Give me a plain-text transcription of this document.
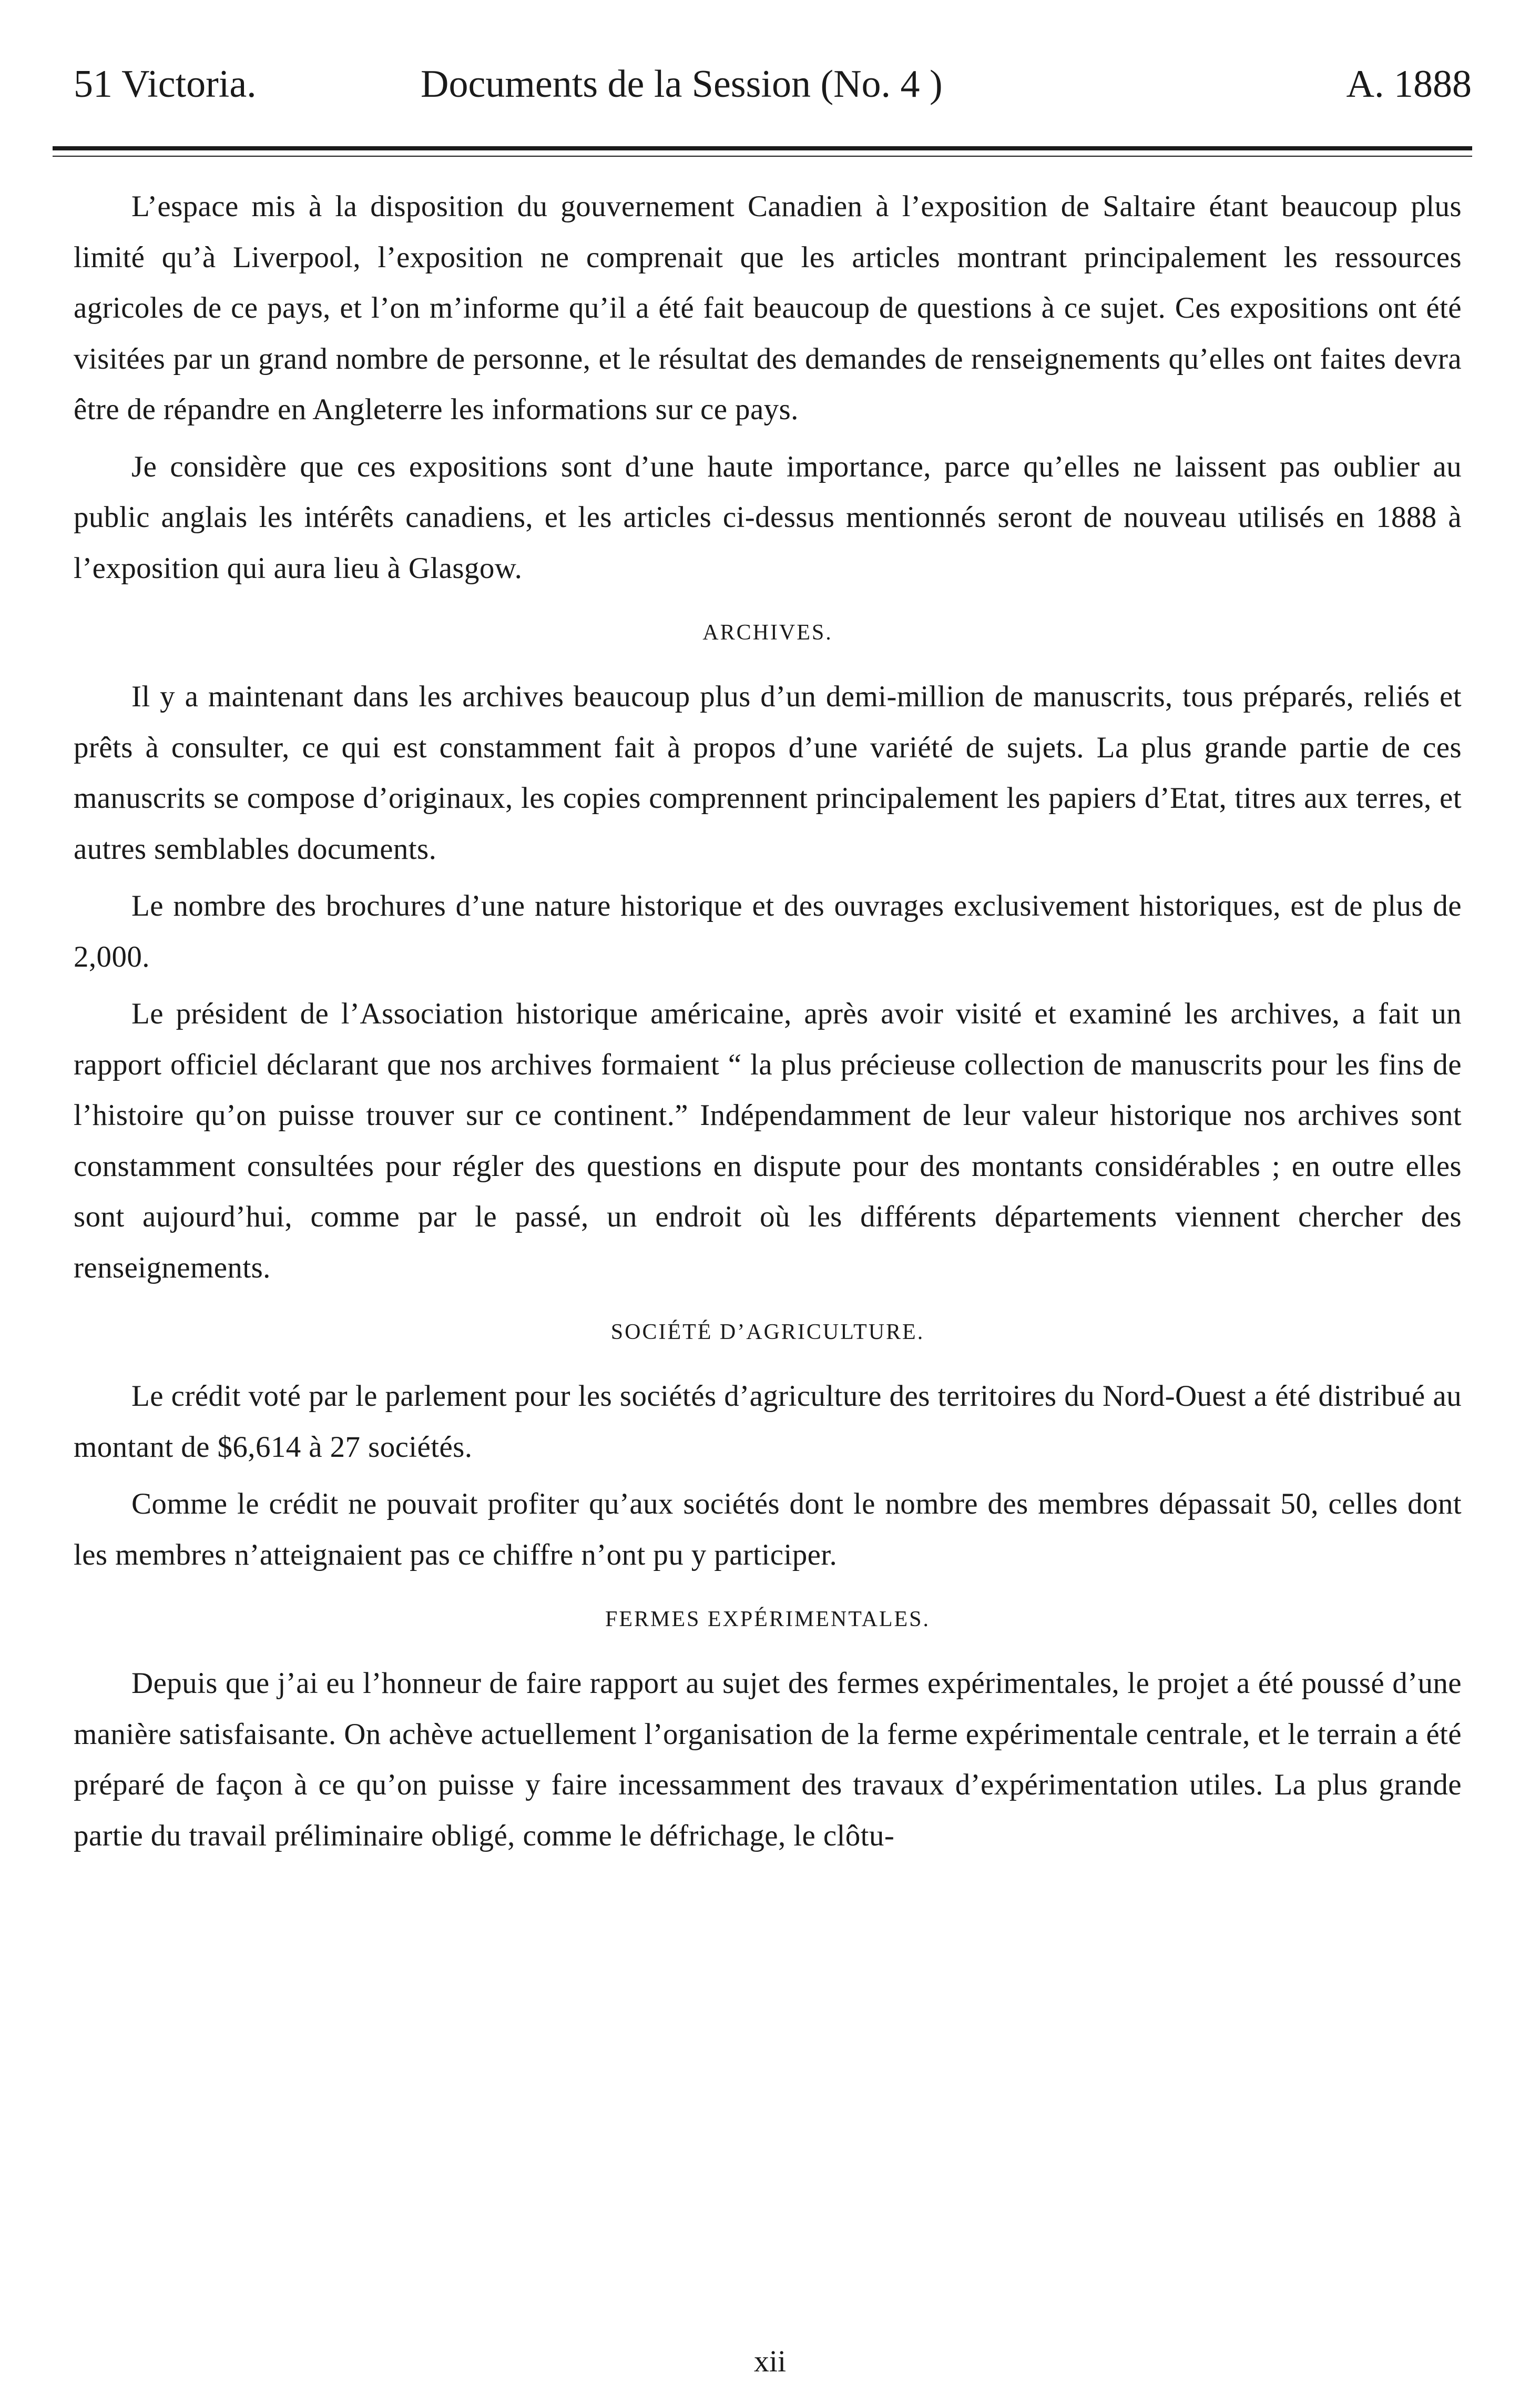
51 Victoria.	Documents de la Session (No. 4 )	A. 1888

L’espace mis à la disposition du gouvernement Canadien à l’exposition de Saltaire étant beaucoup plus limité qu’à Liverpool, l’exposition ne comprenait que les articles montrant principalement les ressources agricoles de ce pays, et l’on m’informe qu’il a été fait beaucoup de questions à ce sujet. Ces expositions ont été visitées par un grand nombre de personne, et le résultat des demandes de renseignements qu’elles ont faites devra être de répandre en Angleterre les informations sur ce pays.

Je considère que ces expositions sont d’une haute importance, parce qu’elles ne laissent pas oublier au public anglais les intérêts canadiens, et les articles ci-dessus mentionnés seront de nouveau utilisés en 1888 à l’exposition qui aura lieu à Glasgow.

ARCHIVES.

Il y a maintenant dans les archives beaucoup plus d’un demi-million de manuscrits, tous préparés, reliés et prêts à consulter, ce qui est constamment fait à propos d’une variété de sujets. La plus grande partie de ces manuscrits se compose d’originaux, les copies comprennent principalement les papiers d’Etat, titres aux terres, et autres semblables documents.

Le nombre des brochures d’une nature historique et des ouvrages exclusivement historiques, est de plus de 2,000.

Le président de l’Association historique américaine, après avoir visité et examiné les archives, a fait un rapport officiel déclarant que nos archives formaient “ la plus précieuse collection de manuscrits pour les fins de l’histoire qu’on puisse trouver sur ce continent.” Indépendamment de leur valeur historique nos archives sont constamment consultées pour régler des questions en dispute pour des montants considérables ; en outre elles sont aujourd’hui, comme par le passé, un endroit où les différents départements viennent chercher des renseignements.

SOCIÉTÉ D’AGRICULTURE.

Le crédit voté par le parlement pour les sociétés d’agriculture des territoires du Nord-Ouest a été distribué au montant de $6,614 à 27 sociétés.

Comme le crédit ne pouvait profiter qu’aux sociétés dont le nombre des membres dépassait 50, celles dont les membres n’atteignaient pas ce chiffre n’ont pu y participer.

FERMES EXPÉRIMENTALES.

Depuis que j’ai eu l’honneur de faire rapport au sujet des fermes expérimentales, le projet a été poussé d’une manière satisfaisante. On achève actuellement l’organisation de la ferme expérimentale centrale, et le terrain a été préparé de façon à ce qu’on puisse y faire incessamment des travaux d’expérimentation utiles. La plus grande partie du travail préliminaire obligé, comme le défrichage, le clôtu-

xii
